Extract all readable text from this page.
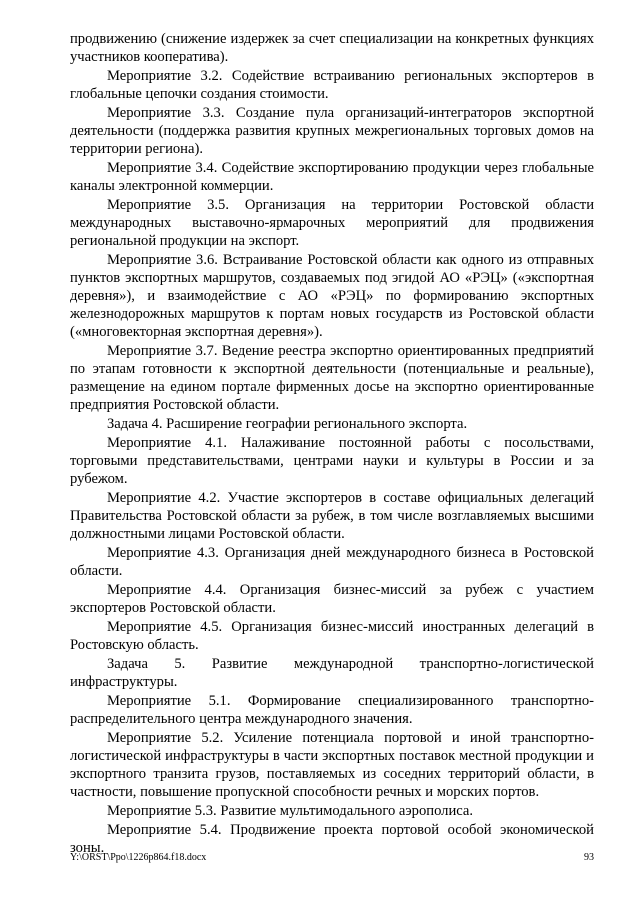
продвижению (снижение издержек за счет специализации на конкретных функциях участников кооператива).

Мероприятие 3.2. Содействие встраиванию региональных экспортеров в глобальные цепочки создания стоимости.

Мероприятие 3.3. Создание пула организаций-интеграторов экспортной деятельности (поддержка развития крупных межрегиональных торговых домов на территории региона).

Мероприятие 3.4. Содействие экспортированию продукции через глобальные каналы электронной коммерции.

Мероприятие 3.5. Организация на территории Ростовской области международных выставочно-ярмарочных мероприятий для продвижения региональной продукции на экспорт.

Мероприятие 3.6. Встраивание Ростовской области как одного из отправных пунктов экспортных маршрутов, создаваемых под эгидой АО «РЭЦ» («экспортная деревня»), и взаимодействие с АО «РЭЦ» по формированию экспортных железнодорожных маршрутов к портам новых государств из Ростовской области («многовекторная экспортная деревня»).

Мероприятие 3.7. Ведение реестра экспортно ориентированных предприятий по этапам готовности к экспортной деятельности (потенциальные и реальные), размещение на едином портале фирменных досье на экспортно ориентированные предприятия Ростовской области.

Задача 4. Расширение географии регионального экспорта.

Мероприятие 4.1. Налаживание постоянной работы с посольствами, торговыми представительствами, центрами науки и культуры в России и за рубежом.

Мероприятие 4.2. Участие экспортеров в составе официальных делегаций Правительства Ростовской области за рубеж, в том числе возглавляемых высшими должностными лицами Ростовской области.

Мероприятие 4.3. Организация дней международного бизнеса в Ростовской области.

Мероприятие 4.4. Организация бизнес-миссий за рубеж с участием экспортеров Ростовской области.

Мероприятие 4.5. Организация бизнес-миссий иностранных делегаций в Ростовскую область.

Задача 5. Развитие международной транспортно-логистической инфраструктуры.

Мероприятие 5.1. Формирование специализированного транспортно-распределительного центра международного значения.

Мероприятие 5.2. Усиление потенциала портовой и иной транспортно-логистической инфраструктуры в части экспортных поставок местной продукции и экспортного транзита грузов, поставляемых из соседних территорий области, в частности, повышение пропускной способности речных и морских портов.

Мероприятие 5.3. Развитие мультимодального аэрополиса.

Мероприятие 5.4. Продвижение проекта портовой особой экономической зоны.

Y:\ORST\Ppo\1226p864.f18.docx	93
